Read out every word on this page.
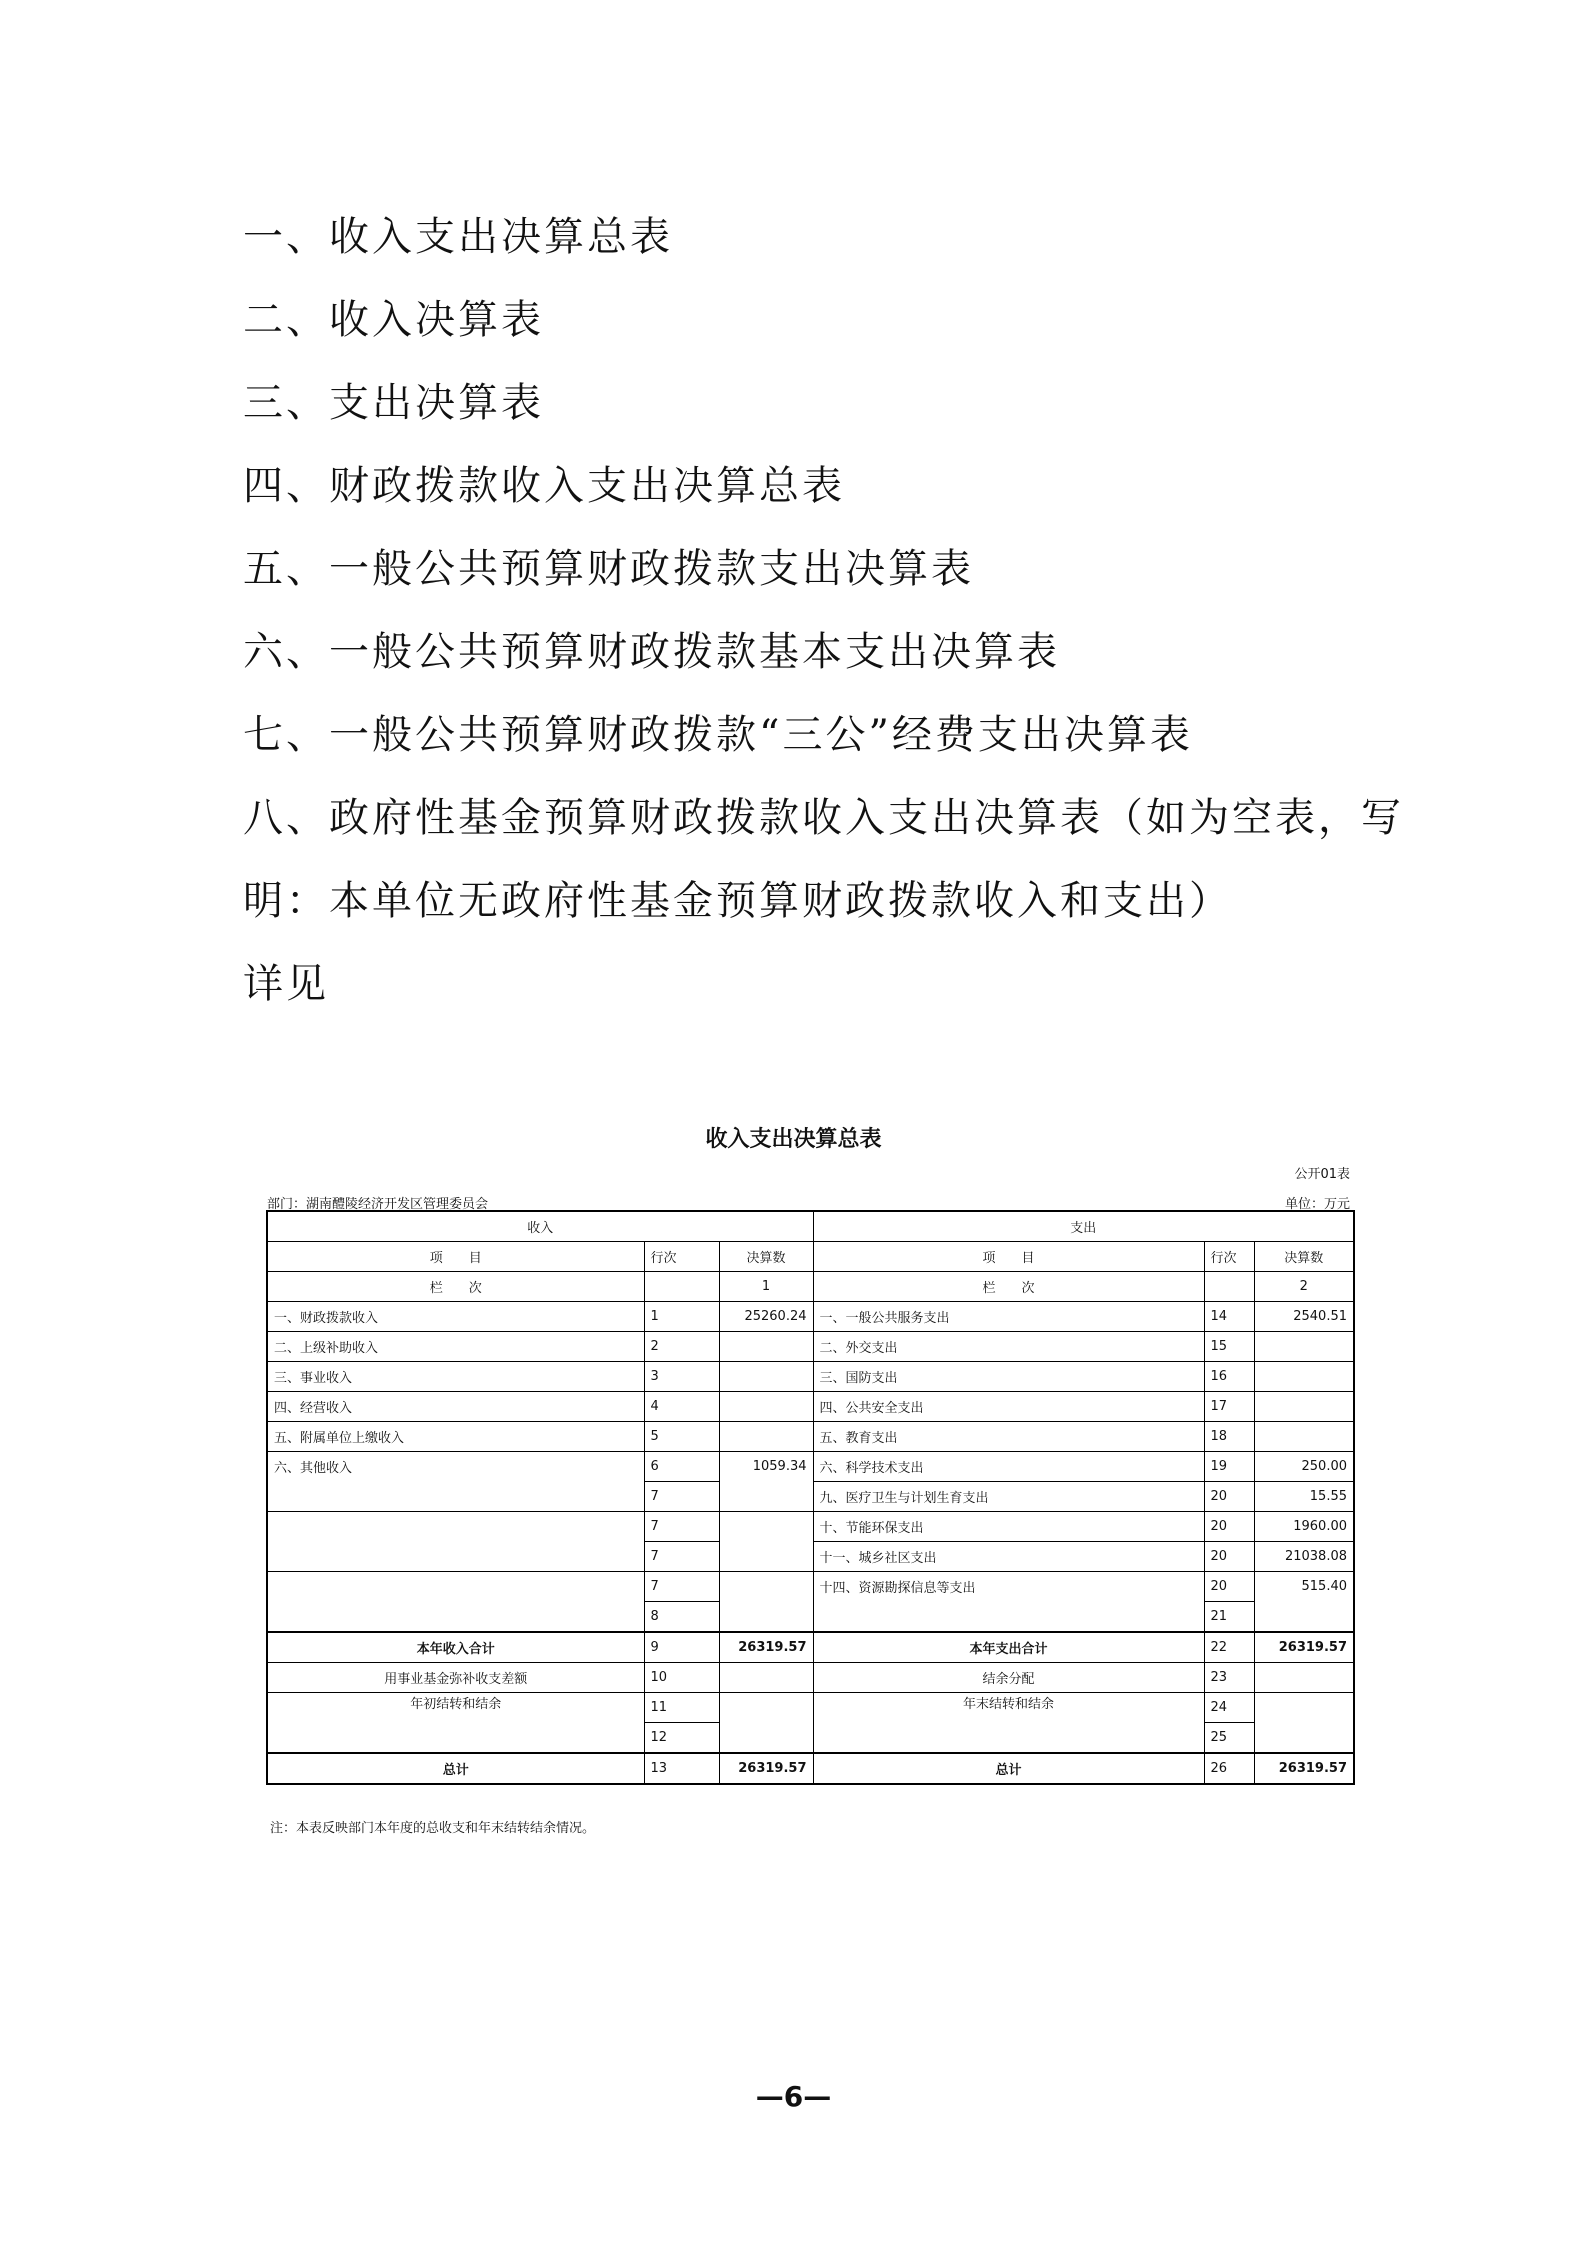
一、收入支出决算总表
二、收入决算表
三、支出决算表
四、财政拨款收入支出决算总表
五、一般公共预算财政拨款支出决算表
六、一般公共预算财政拨款基本支出决算表
七、一般公共预算财政拨款“三公”经费支出决算表
八、政府性基金预算财政拨款收入支出决算表（如为空表，写
明：本单位无政府性基金预算财政拨款收入和支出）
详见
收入支出决算总表
公开01表
部门：湖南醴陵经济开发区管理委员会	单位：万元
收入			支出		
项　　目	行次	决算数	项　　目	行次	决算数
栏　　次		1	栏　　次		2
一、财政拨款收入	1	25260.24	一、一般公共服务支出	14	2540.51
二、上级补助收入	2		二、外交支出	15	
三、事业收入	3		三、国防支出	16	
四、经营收入	4		四、公共安全支出	17	
五、附属单位上缴收入	5		五、教育支出	18	
六、其他收入	6	1059.34	六、科学技术支出	19	250.00
	7		九、医疗卫生与计划生育支出	20	15.55
	7		十、节能环保支出	20	1960.00
	7		十一、城乡社区支出	20	21038.08
	7		十四、资源勘探信息等支出	20	515.40
	8			21	
本年收入合计	9	26319.57	本年支出合计	22	26319.57
用事业基金弥补收支差额	10		结余分配	23	
年初结转和结余	11		年末结转和结余	24	
	12			25	
总计	13	26319.57	总计	26	26319.57
注：本表反映部门本年度的总收支和年末结转结余情况。
—6—
